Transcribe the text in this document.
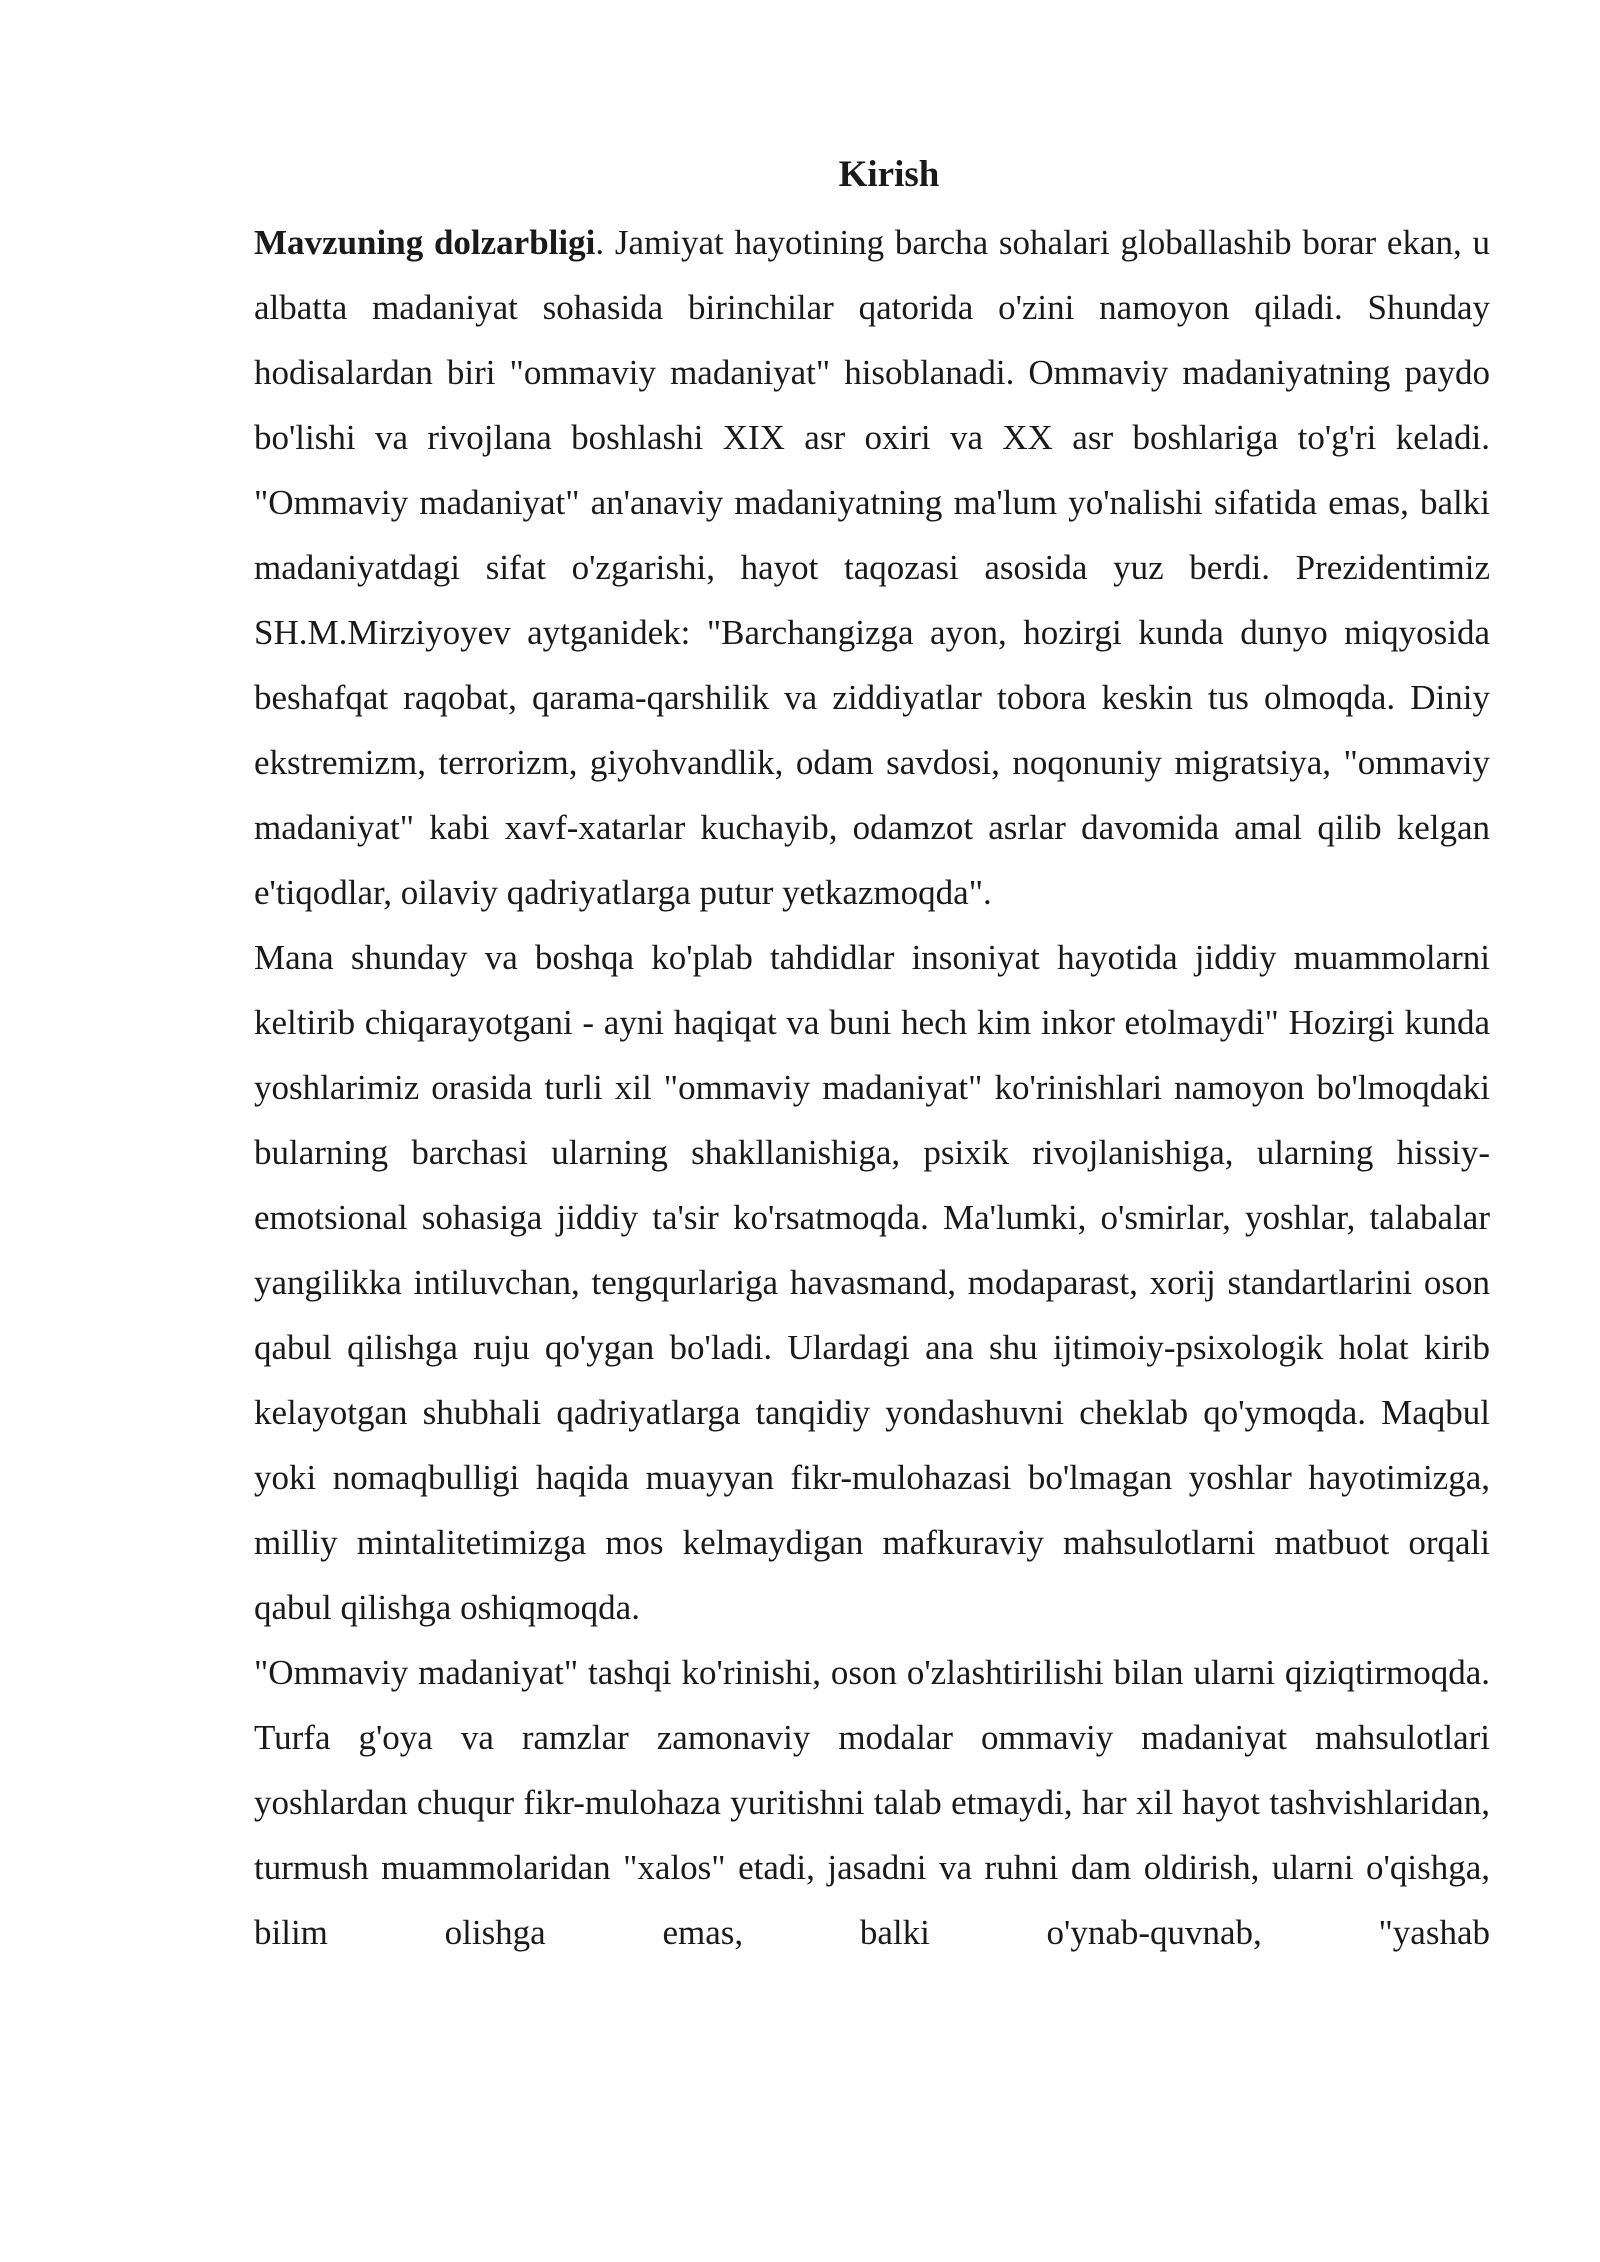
Kirish

Mavzuning dolzarbligi. Jamiyat hayotining barcha sohalari globallashib borar ekan, u albatta madaniyat sohasida birinchilar qatorida o'zini namoyon qiladi. Shunday hodisalardan biri "ommaviy madaniyat" hisoblanadi. Ommaviy madaniyatning paydo bo'lishi va rivojlana boshlashi XIX asr oxiri va XX asr boshlariga to'g'ri keladi. "Ommaviy madaniyat" an'anaviy madaniyatning ma'lum yo'nalishi sifatida emas, balki madaniyatdagi sifat o'zgarishi, hayot taqozasi asosida yuz berdi. Prezidentimiz SH.M.Mirziyoyev aytganidek: "Barchangizga ayon, hozirgi kunda dunyo miqyosida beshafqat raqobat, qarama-qarshilik va ziddiyatlar tobora keskin tus olmoqda. Diniy ekstremizm, terrorizm, giyohvandlik, odam savdosi, noqonuniy migratsiya, "ommaviy madaniyat" kabi xavf-xatarlar kuchayib, odamzot asrlar davomida amal qilib kelgan e'tiqodlar, oilaviy qadriyatlarga putur yetkazmoqda".

Mana shunday va boshqa ko'plab tahdidlar insoniyat hayotida jiddiy muammolarni keltirib chiqarayotgani - ayni haqiqat va buni hech kim inkor etolmaydi" Hozirgi kunda yoshlarimiz orasida turli xil "ommaviy madaniyat" ko'rinishlari namoyon bo'lmoqdaki bularning barchasi ularning shakllanishiga, psixik rivojlanishiga, ularning hissiy-emotsional sohasiga jiddiy ta'sir ko'rsatmoqda. Ma'lumki, o'smirlar, yoshlar, talabalar yangilikka intiluvchan, tengqurlariga havasmand, modaparast, xorij standartlarini oson qabul qilishga ruju qo'ygan bo'ladi. Ulardagi ana shu ijtimoiy-psixologik holat kirib kelayotgan shubhali qadriyatlarga tanqidiy yondashuvni cheklab qo'ymoqda. Maqbul yoki nomaqbulligi haqida muayyan fikr-mulohazasi bo'lmagan yoshlar hayotimizga, milliy mintalitetimizga mos kelmaydigan mafkuraviy mahsulotlarni matbuot orqali qabul qilishga oshiqmoqda.

"Ommaviy madaniyat" tashqi ko'rinishi, oson o'zlashtirilishi bilan ularni qiziqtirmoqda. Turfa g'oya va ramzlar zamonaviy modalar ommaviy madaniyat mahsulotlari yoshlardan chuqur fikr-mulohaza yuritishni talab etmaydi, har xil hayot tashvishlaridan, turmush muammolaridan "xalos" etadi, jasadni va ruhni dam oldirish, ularni o'qishga, bilim olishga emas, balki o'ynab-quvnab, "yashab
